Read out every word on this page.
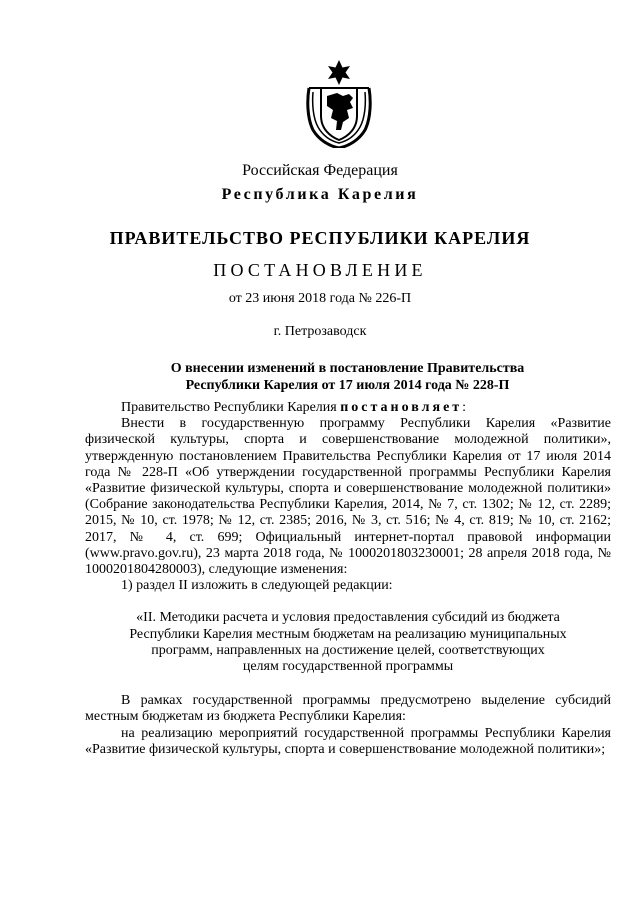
Российская Федерация
Республика Карелия
ПРАВИТЕЛЬСТВО РЕСПУБЛИКИ КАРЕЛИЯ
ПОСТАНОВЛЕНИЕ
от 23 июня 2018 года № 226-П
г. Петрозаводск
О внесении изменений в постановление Правительства
Республики Карелия от 17 июля 2014 года № 228-П

Правительство Республики Карелия постановляет:

Внести в государственную программу Республики Карелия «Развитие физической культуры, спорта и совершенствование молодежной политики», утвержденную постановлением Правительства Республики Карелия от 17 июля 2014 года № 228-П «Об утверждении государственной программы Республики Карелия «Развитие физической культуры, спорта и совершенствование молодежной политики» (Собрание законодательства Республики Карелия, 2014, № 7, ст. 1302; № 12, ст. 2289; 2015, № 10, ст. 1978; № 12, ст. 2385; 2016, № 3, ст. 516; № 4, ст. 819; № 10, ст. 2162; 2017, № 4, ст. 699; Официальный интернет-портал правовой информации (www.pravo.gov.ru), 23 марта 2018 года, № 1000201803230001; 28 апреля 2018 года, № 1000201804280003), следующие изменения:

1) раздел II изложить в следующей редакции:

«II. Методики расчета и условия предоставления субсидий из бюджета
Республики Карелия местным бюджетам на реализацию муниципальных
программ, направленных на достижение целей, соответствующих
целям государственной программы

В рамках государственной программы предусмотрено выделение субсидий местным бюджетам из бюджета Республики Карелия:

на реализацию мероприятий государственной программы Республики Карелия «Развитие физической культуры, спорта и совершенствование молодежной политики»;
